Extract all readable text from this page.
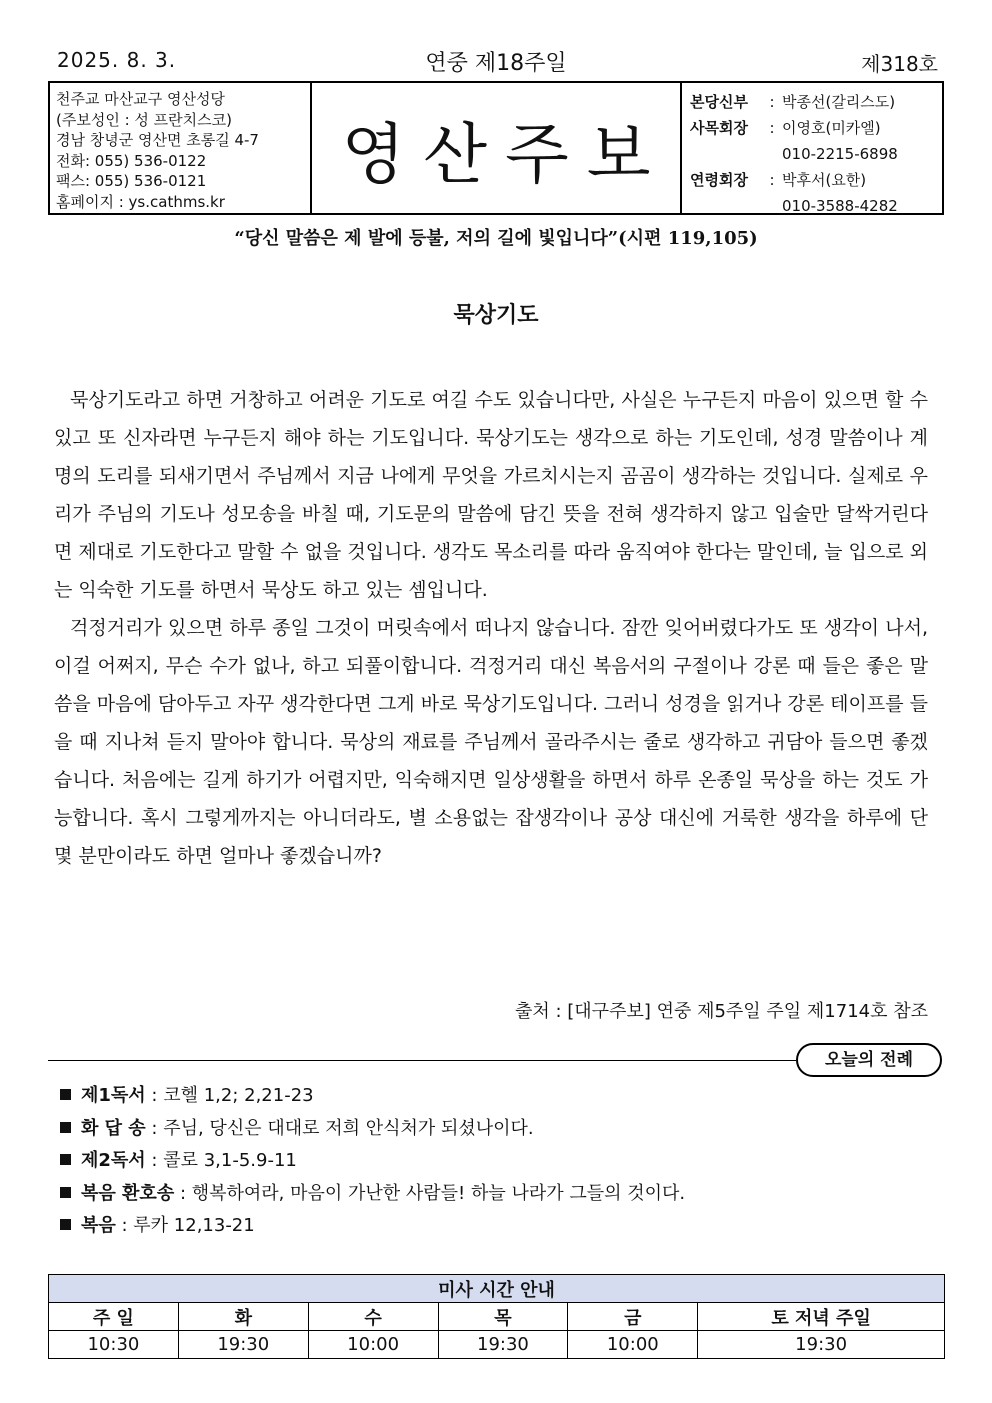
2025. 8. 3.	연중 제18주일	제318호
천주교 마산교구 영산성당
(주보성인 : 성 프란치스코)
경남 창녕군 영산면 초롱길 4-7
전화: 055) 536-0122
팩스: 055) 536-0121
홈페이지 : ys.cathms.kr
영산주보
본당신부	: 박종선(갈리스도)
사목회장	: 이영호(미카엘)
010-2215-6898
연령회장	: 박후서(요한)
010-3588-4282
“당신 말씀은 제 발에 등불, 저의 길에 빛입니다”(시편 119,105)
묵상기도

묵상기도라고 하면 거창하고 어려운 기도로 여길 수도 있습니다만, 사실은 누구든지 마음이 있으면 할 수 있고 또 신자라면 누구든지 해야 하는 기도입니다. 묵상기도는 생각으로 하는 기도인데, 성경 말씀이나 계명의 도리를 되새기면서 주님께서 지금 나에게 무엇을 가르치시는지 곰곰이 생각하는 것입니다. 실제로 우리가 주님의 기도나 성모송을 바칠 때, 기도문의 말씀에 담긴 뜻을 전혀 생각하지 않고 입술만 달싹거린다면 제대로 기도한다고 말할 수 없을 것입니다. 생각도 목소리를 따라 움직여야 한다는 말인데, 늘 입으로 외는 익숙한 기도를 하면서 묵상도 하고 있는 셈입니다.

걱정거리가 있으면 하루 종일 그것이 머릿속에서 떠나지 않습니다. 잠깐 잊어버렸다가도 또 생각이 나서, 이걸 어쩌지, 무슨 수가 없나, 하고 되풀이합니다. 걱정거리 대신 복음서의 구절이나 강론 때 들은 좋은 말씀을 마음에 담아두고 자꾸 생각한다면 그게 바로 묵상기도입니다. 그러니 성경을 읽거나 강론 테이프를 들을 때 지나쳐 듣지 말아야 합니다. 묵상의 재료를 주님께서 골라주시는 줄로 생각하고 귀담아 들으면 좋겠습니다. 처음에는 길게 하기가 어렵지만, 익숙해지면 일상생활을 하면서 하루 온종일 묵상을 하는 것도 가능합니다. 혹시 그렇게까지는 아니더라도, 별 소용없는 잡생각이나 공상 대신에 거룩한 생각을 하루에 단 몇 분만이라도 하면 얼마나 좋겠습니까?

출처 : [대구주보] 연중 제5주일 주일 제1714호 참조
오늘의 전례
제1독서 : 코헬 1,2; 2,21-23
화 답 송 : 주님, 당신은 대대로 저희 안식처가 되셨나이다.
제2독서 : 콜로 3,1-5.9-11
복음 환호송 : 행복하여라, 마음이 가난한 사람들! 하늘 나라가 그들의 것이다.
복음 : 루카 12,13-21
미사 시간 안내					
주 일	화	수	목	금	토 저녁 주일
10:30	19:30	10:00	19:30	10:00	19:30
